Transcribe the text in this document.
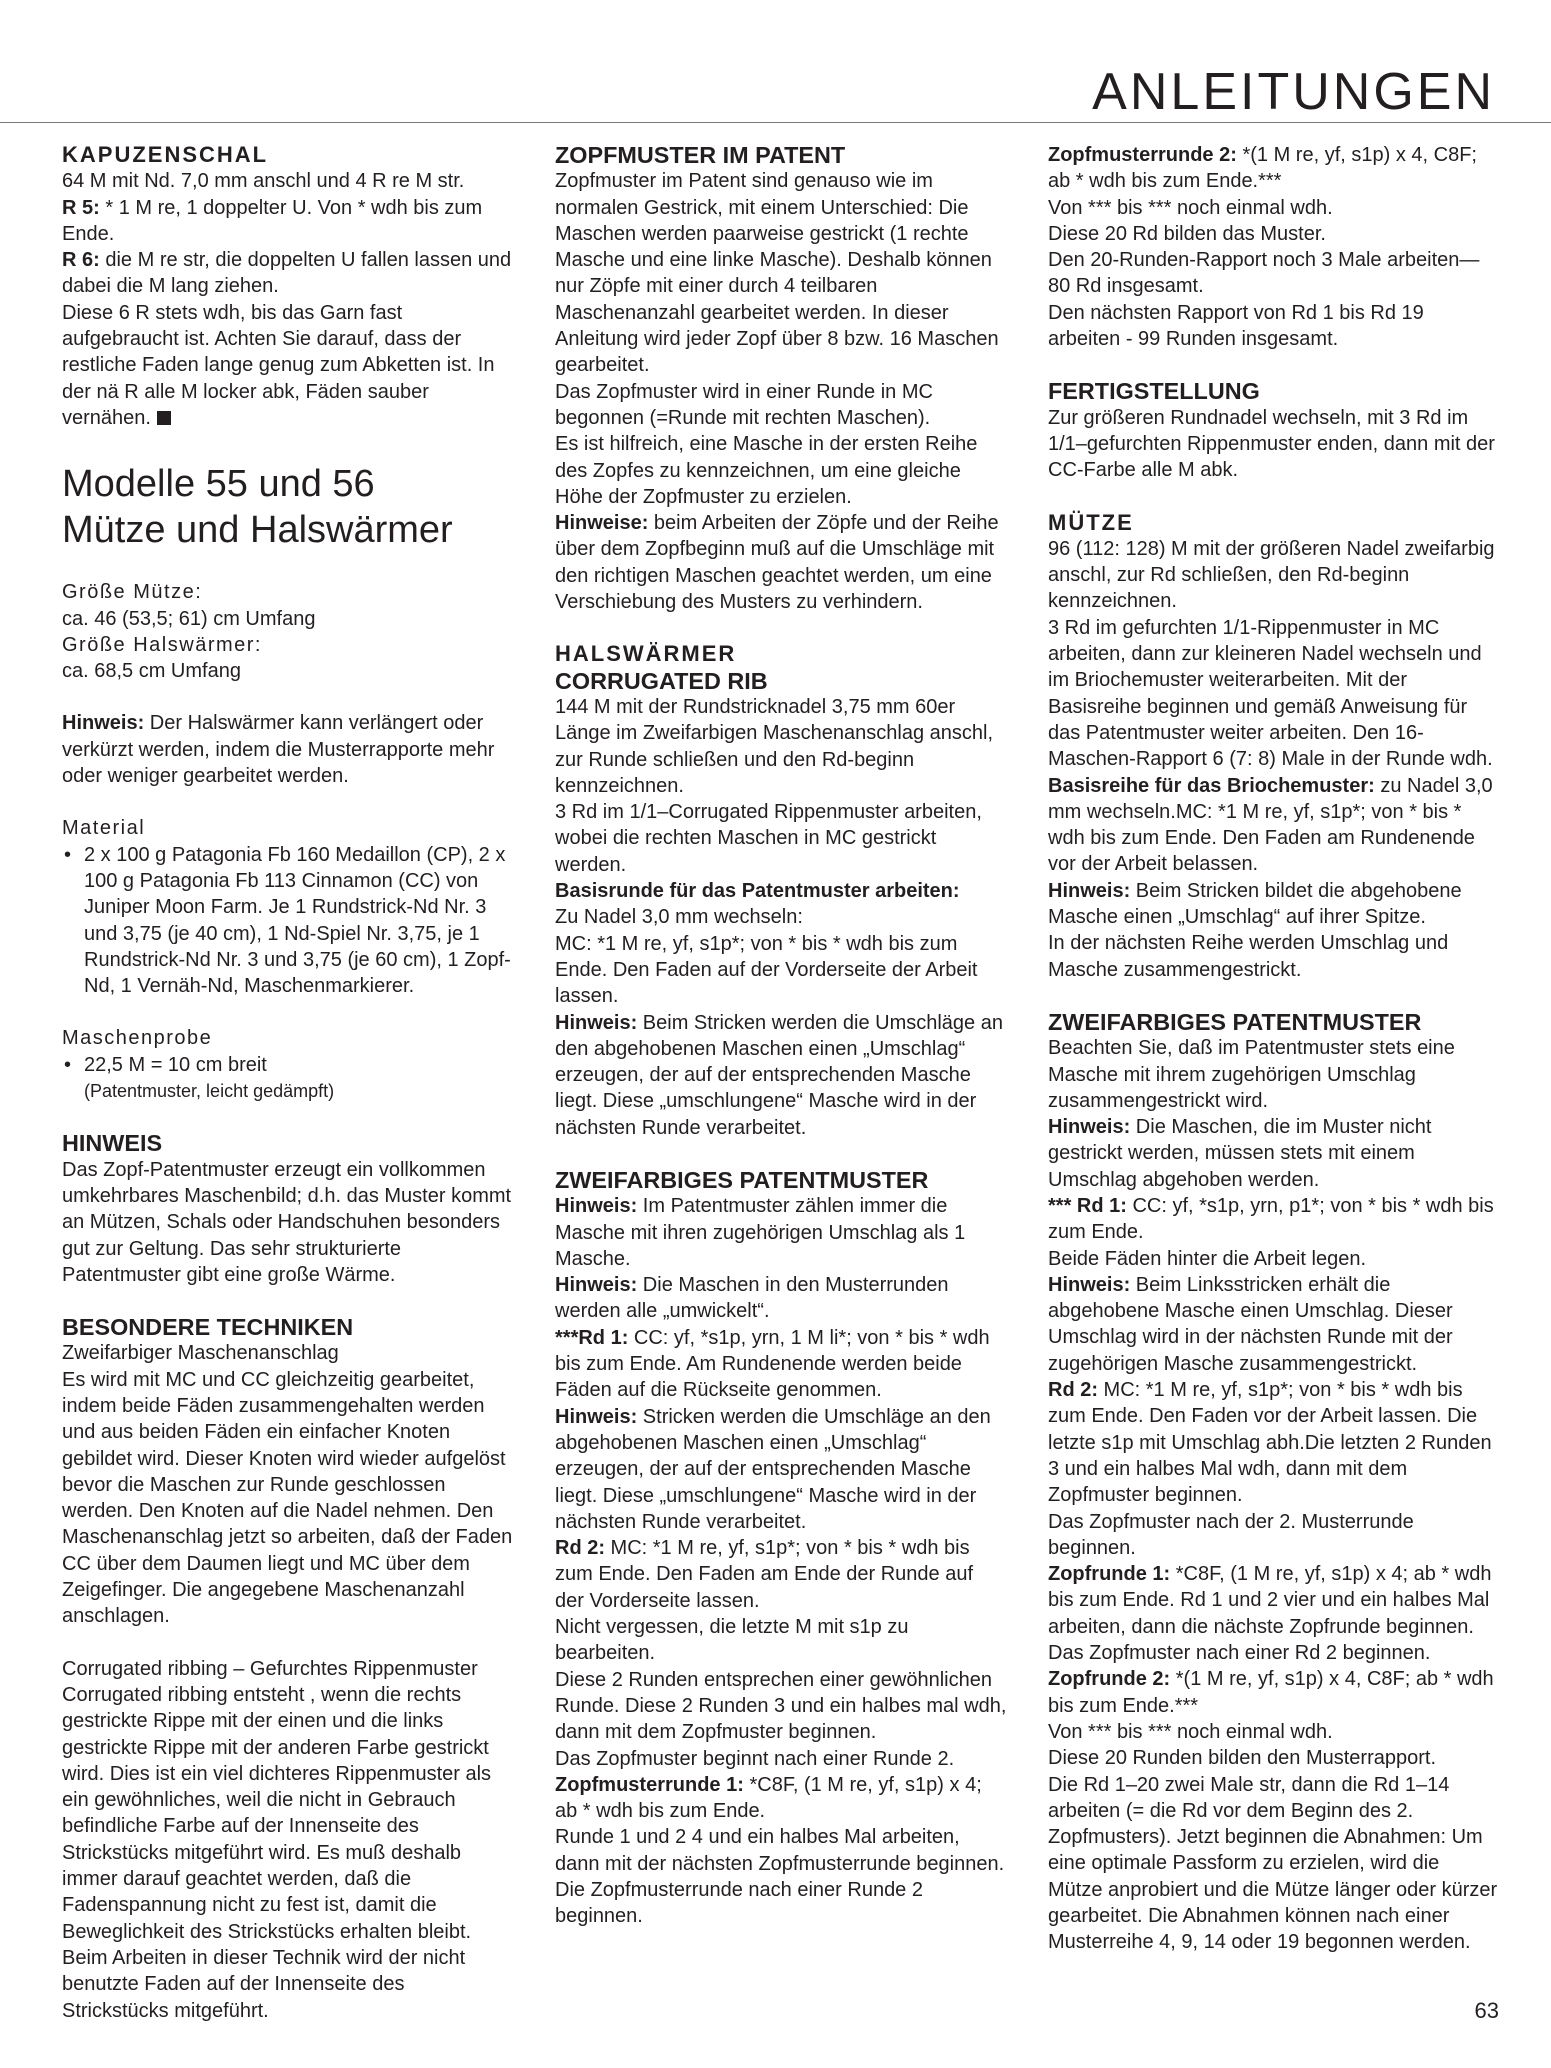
ANLEITUNGEN
KAPUZENSCHAL

64 M mit Nd. 7,0 mm anschl und 4 R re M str.

R 5: * 1 M re, 1 doppelter U. Von * wdh bis zum Ende.

R 6: die M re str, die doppelten U fallen lassen und dabei die M lang ziehen.

Diese 6 R stets wdh, bis das Garn fast aufgebraucht ist. Achten Sie darauf, dass der restliche Faden lange genug zum Abketten ist. In der nä R alle M locker abk, Fäden sauber vernähen.

Modelle 55 und 56
Mütze und Halswärmer

Größe Mütze:

ca. 46 (53,5; 61) cm Umfang

Größe Halswärmer:

ca. 68,5 cm Umfang

Hinweis: Der Halswärmer kann verlängert oder verkürzt werden, indem die Musterrapporte mehr oder weniger gearbeitet werden.

Material

• 2 x 100 g Patagonia Fb 160 Medaillon (CP), 2 x 100 g Patagonia Fb 113 Cinnamon (CC) von Juniper Moon Farm. Je 1 Rundstrick-Nd Nr. 3 und 3,75 (je 40 cm), 1 Nd-Spiel Nr. 3,75, je 1 Rundstrick-Nd Nr. 3 und 3,75 (je 60 cm), 1 Zopf-Nd, 1 Vernäh-Nd, Maschenmarkierer.

Maschenprobe

• 22,5 M = 10 cm breit

(Patentmuster, leicht gedämpft)

HINWEIS

Das Zopf-Patentmuster erzeugt ein vollkommen umkehrbares Maschenbild; d.h. das Muster kommt an Mützen, Schals oder Handschuhen besonders gut zur Geltung. Das sehr strukturierte Patentmuster gibt eine große Wärme.

BESONDERE TECHNIKEN

Zweifarbiger Maschenanschlag

Es wird mit MC und CC gleichzeitig gearbeitet, indem beide Fäden zusammengehalten werden und aus beiden Fäden ein einfacher Knoten gebildet wird. Dieser Knoten wird wieder aufgelöst bevor die Maschen zur Runde geschlossen werden. Den Knoten auf die Nadel nehmen. Den Maschenanschlag jetzt so arbeiten, daß der Faden CC über dem Daumen liegt und MC über dem Zeigefinger. Die angegebene Maschenanzahl anschlagen.

Corrugated ribbing – Gefurchtes Rippenmuster

Corrugated ribbing entsteht , wenn die rechts gestrickte Rippe mit der einen und die links gestrickte Rippe mit der anderen Farbe gestrickt wird. Dies ist ein viel dichteres Rippenmuster als ein gewöhnliches, weil die nicht in Gebrauch befindliche Farbe auf der Innenseite des Strickstücks mitgeführt wird. Es muß deshalb immer darauf geachtet werden, daß die Fadenspannung nicht zu fest ist, damit die Beweglichkeit des Strickstücks erhalten bleibt. Beim Arbeiten in dieser Technik wird der nicht benutzte Faden auf der Innenseite des Strickstücks mitgeführt.

ZOPFMUSTER IM PATENT

Zopfmuster im Patent sind genauso wie im normalen Gestrick, mit einem Unterschied: Die Maschen werden paarweise gestrickt (1 rechte Masche und eine linke Masche). Deshalb können nur Zöpfe mit einer durch 4 teilbaren Maschenanzahl gearbeitet werden. In dieser Anleitung wird jeder Zopf über 8 bzw. 16 Maschen gearbeitet.

Das Zopfmuster wird in einer Runde in MC begonnen (=Runde mit rechten Maschen).

Es ist hilfreich, eine Masche in der ersten Reihe des Zopfes zu kennzeichnen, um eine gleiche Höhe der Zopfmuster zu erzielen.

Hinweise: beim Arbeiten der Zöpfe und der Reihe über dem Zopfbeginn muß auf die Umschläge mit den richtigen Maschen geachtet werden, um eine Verschiebung des Musters zu verhindern.

HALSWÄRMER
CORRUGATED RIB

144 M mit der Rundstricknadel 3,75 mm 60er Länge im Zweifarbigen Maschenanschlag anschl, zur Runde schließen und den Rd-beginn kennzeichnen.

3 Rd im 1/1–Corrugated Rippenmuster arbeiten, wobei die rechten Maschen in MC gestrickt werden.

Basisrunde für das Patentmuster arbeiten:

Zu Nadel 3,0 mm wechseln:

MC: *1 M re, yf, s1p*; von * bis * wdh bis zum Ende. Den Faden auf der Vorderseite der Arbeit lassen.

Hinweis: Beim Stricken werden die Umschläge an den abgehobenen Maschen einen „Umschlag“ erzeugen, der auf der entsprechenden Masche liegt. Diese „umschlungene“ Masche wird in der nächsten Runde verarbeitet.

ZWEIFARBIGES PATENTMUSTER

Hinweis: Im Patentmuster zählen immer die Masche mit ihren zugehörigen Umschlag als 1 Masche.

Hinweis: Die Maschen in den Musterrunden werden alle „umwickelt“.

***Rd 1: CC: yf, *s1p, yrn, 1 M li*; von * bis * wdh bis zum Ende. Am Rundenende werden beide Fäden auf die Rückseite genommen.

Hinweis: Stricken werden die Umschläge an den abgehobenen Maschen einen „Umschlag“ erzeugen, der auf der entsprechenden Masche liegt. Diese „umschlungene“ Masche wird in der nächsten Runde verarbeitet.

Rd 2: MC: *1 M re, yf, s1p*; von * bis * wdh bis zum Ende. Den Faden am Ende der Runde auf der Vorderseite lassen.

Nicht vergessen, die letzte M mit s1p zu bearbeiten.

Diese 2 Runden entsprechen einer gewöhnlichen Runde. Diese 2 Runden 3 und ein halbes mal wdh, dann mit dem Zopfmuster beginnen.

Das Zopfmuster beginnt nach einer Runde 2.

Zopfmusterrunde 1: *C8F, (1 M re, yf, s1p) x 4; ab * wdh bis zum Ende.

Runde 1 und 2 4 und ein halbes Mal arbeiten, dann mit der nächsten Zopfmusterrunde beginnen.

Die Zopfmusterrunde nach einer Runde 2 beginnen.

Zopfmusterrunde 2: *(1 M re, yf, s1p) x 4, C8F; ab * wdh bis zum Ende.***

Von *** bis *** noch einmal wdh.

Diese 20 Rd bilden das Muster.

Den 20-Runden-Rapport noch 3 Male arbeiten—80 Rd insgesamt.

Den nächsten Rapport von Rd 1 bis Rd 19 arbeiten - 99 Runden insgesamt.

FERTIGSTELLUNG

Zur größeren Rundnadel wechseln, mit 3 Rd im 1/1–gefurchten Rippenmuster enden, dann mit der CC-Farbe alle M abk.

MÜTZE

96 (112: 128) M mit der größeren Nadel zweifarbig anschl, zur Rd schließen, den Rd-beginn kennzeichnen.

3 Rd im gefurchten 1/1-Rippenmuster in MC arbeiten, dann zur kleineren Nadel wechseln und im Briochemuster weiterarbeiten. Mit der Basisreihe beginnen und gemäß Anweisung für das Patentmuster weiter arbeiten. Den 16-Maschen-Rapport 6 (7: 8) Male in der Runde wdh.

Basisreihe für das Briochemuster: zu Nadel 3,0 mm wechseln.MC: *1 M re, yf, s1p*; von * bis * wdh bis zum Ende. Den Faden am Rundenende vor der Arbeit belassen.

Hinweis: Beim Stricken bildet die abgehobene Masche einen „Umschlag“ auf ihrer Spitze.

In der nächsten Reihe werden Umschlag und Masche zusammengestrickt.

ZWEIFARBIGES PATENTMUSTER

Beachten Sie, daß im Patentmuster stets eine Masche mit ihrem zugehörigen Umschlag zusammengestrickt wird.

Hinweis: Die Maschen, die im Muster nicht gestrickt werden, müssen stets mit einem Umschlag abgehoben werden.

*** Rd 1: CC: yf, *s1p, yrn, p1*; von * bis * wdh bis zum Ende.

Beide Fäden hinter die Arbeit legen.

Hinweis: Beim Linksstricken erhält die abgehobene Masche einen Umschlag. Dieser Umschlag wird in der nächsten Runde mit der zugehörigen Masche zusammengestrickt.

Rd 2: MC: *1 M re, yf, s1p*; von * bis * wdh bis zum Ende. Den Faden vor der Arbeit lassen. Die letzte s1p mit Umschlag abh.Die letzten 2 Runden 3 und ein halbes Mal wdh, dann mit dem Zopfmuster beginnen.

Das Zopfmuster nach der 2. Musterrunde beginnen.

Zopfrunde 1: *C8F, (1 M re, yf, s1p) x 4; ab * wdh bis zum Ende. Rd 1 und 2 vier und ein halbes Mal arbeiten, dann die nächste Zopfrunde beginnen.

Das Zopfmuster nach einer Rd 2 beginnen.

Zopfrunde 2: *(1 M re, yf, s1p) x 4, C8F; ab * wdh bis zum Ende.***

Von *** bis *** noch einmal wdh.

Diese 20 Runden bilden den Musterrapport.

Die Rd 1–20 zwei Male str, dann die Rd 1–14 arbeiten (= die Rd vor dem Beginn des 2. Zopfmusters). Jetzt beginnen die Abnahmen: Um eine optimale Passform zu erzielen, wird die Mütze anprobiert und die Mütze länger oder kürzer gearbeitet. Die Abnahmen können nach einer Musterreihe 4, 9, 14 oder 19 begonnen werden.

63
